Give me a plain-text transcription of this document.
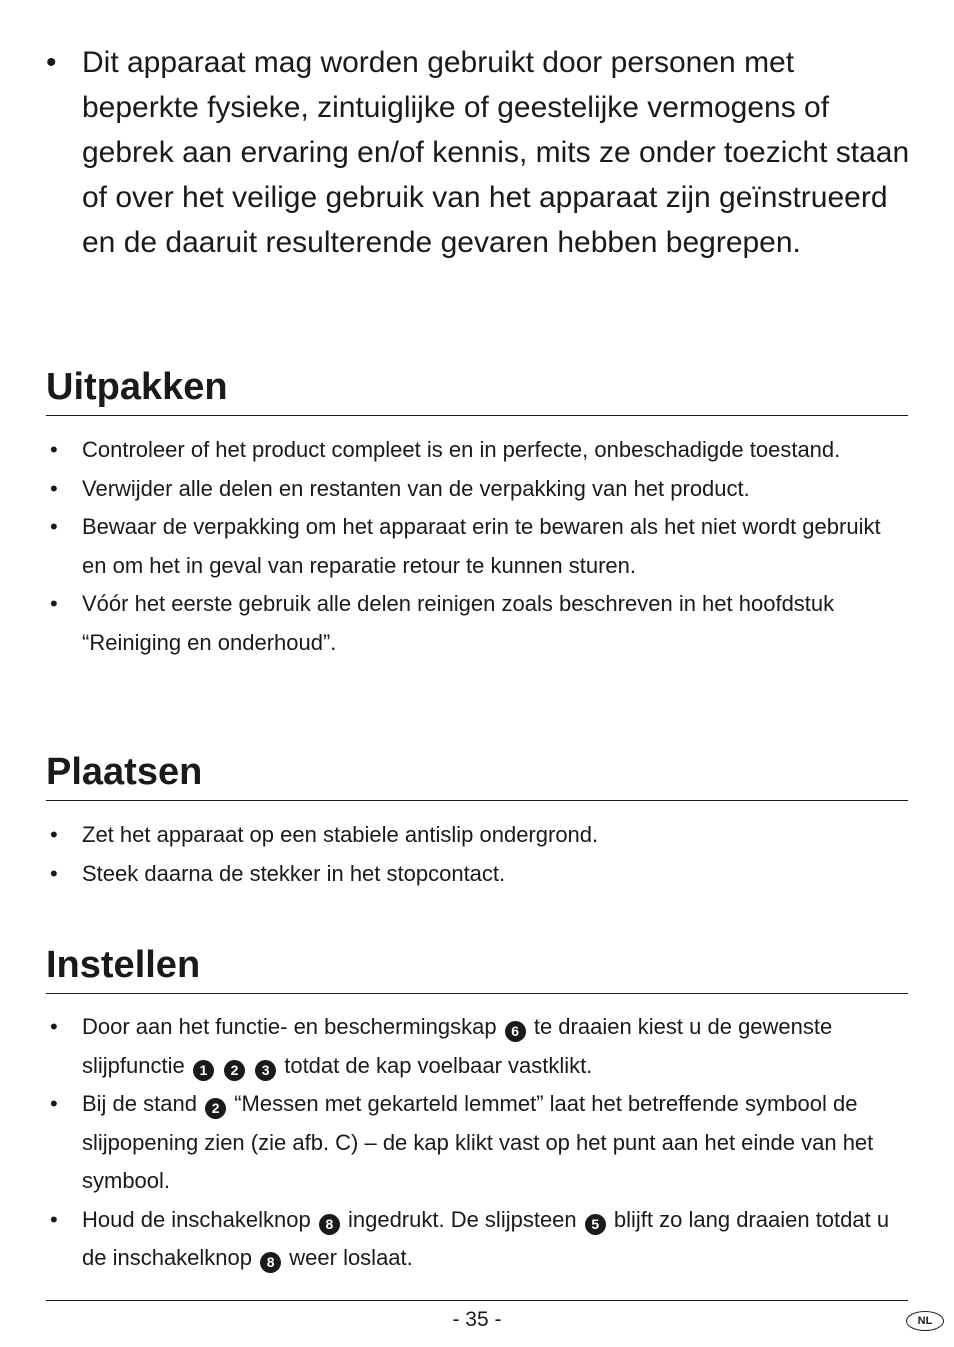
• Dit apparaat mag worden gebruikt door personen met beperkte fysieke, zintuiglijke of geestelijke vermogens of gebrek aan ervaring en/of kennis, mits ze onder toezicht staan of over het veilige gebruik van het apparaat zijn geïnstrueerd en de daaruit resulterende gevaren hebben begrepen.
Uitpakken
• Controleer of het product compleet is en in perfecte, onbeschadigde toestand.
• Verwijder alle delen en restanten van de verpakking van het product.
• Bewaar de verpakking om het apparaat erin te bewaren als het niet wordt gebruikt en om het in geval van reparatie retour te kunnen sturen.
• Vóór het eerste gebruik alle delen reinigen zoals beschreven in het hoofdstuk “Reiniging en onderhoud”.
Plaatsen
• Zet het apparaat op een stabiele antislip ondergrond.
• Steek daarna de stekker in het stopcontact.
Instellen
• Door aan het functie- en beschermingskap 6 te draaien kiest u de gewenste slijpfunctie 1 2 3 totdat de kap voelbaar vastklikt.
• Bij de stand 2 “Messen met gekarteld lemmet” laat het betreffende symbool de slijpopening zien (zie afb. C) – de kap klikt vast op het punt aan het einde van het symbool.
• Houd de inschakelknop 8 ingedrukt. De slijpsteen 5 blijft zo lang draaien totdat u de inschakelknop 8 weer loslaat.
- 35 -	NL
